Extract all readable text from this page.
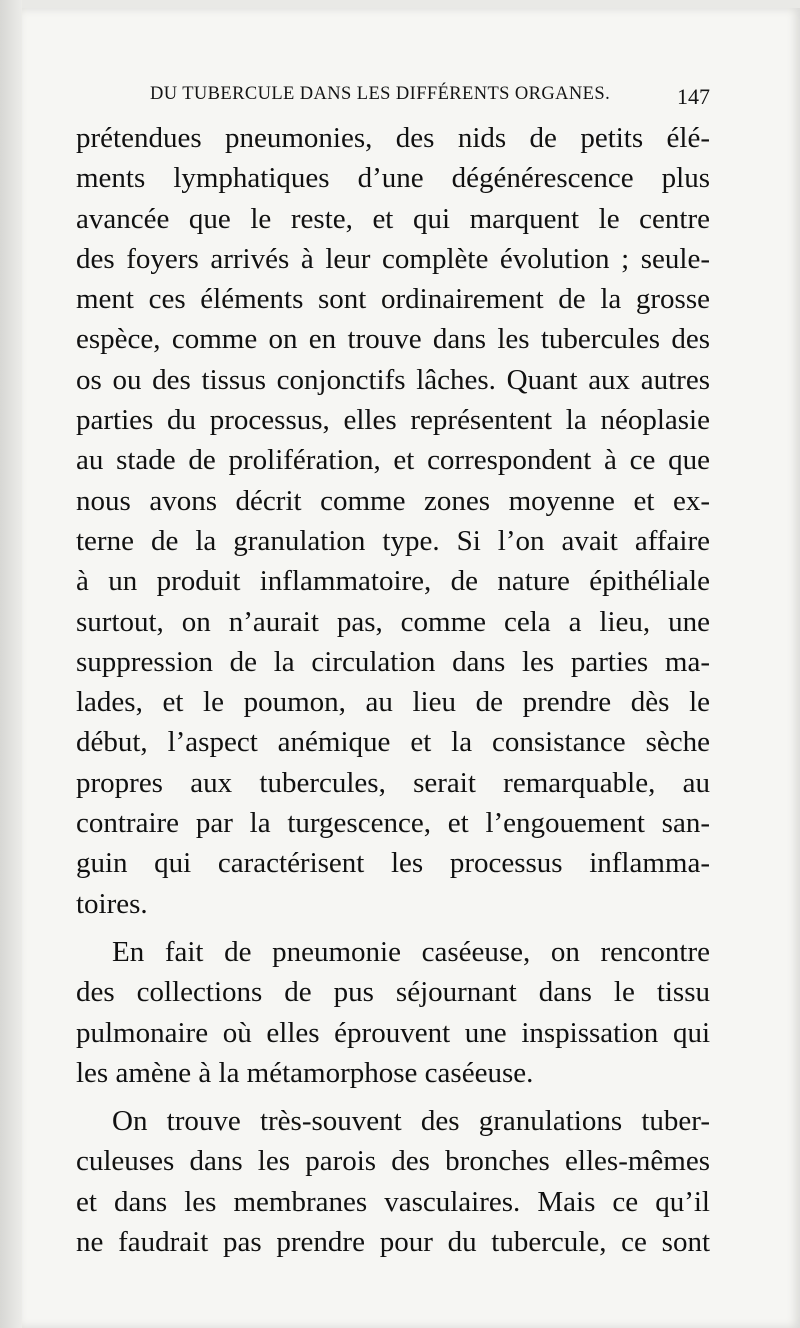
DU TUBERCULE DANS LES DIFFÉRENTS ORGANES.	147
prétendues pneumonies, des nids de petits élé-
ments lymphatiques d’une dégénérescence plus
avancée que le reste, et qui marquent le centre
des foyers arrivés à leur complète évolution ; seule-
ment ces éléments sont ordinairement de la grosse
espèce, comme on en trouve dans les tubercules des
os ou des tissus conjonctifs lâches. Quant aux autres
parties du processus, elles représentent la néoplasie
au stade de prolifération, et correspondent à ce que
nous avons décrit comme zones moyenne et ex-
terne de la granulation type. Si l’on avait affaire
à un produit inflammatoire, de nature épithéliale
surtout, on n’aurait pas, comme cela a lieu, une
suppression de la circulation dans les parties ma-
lades, et le poumon, au lieu de prendre dès le
début, l’aspect anémique et la consistance sèche
propres aux tubercules, serait remarquable, au
contraire par la turgescence, et l’engouement san-
guin qui caractérisent les processus inflamma-
toires.
En fait de pneumonie caséeuse, on rencontre
des collections de pus séjournant dans le tissu
pulmonaire où elles éprouvent une inspissation qui
les amène à la métamorphose caséeuse.
On trouve très-souvent des granulations tuber-
culeuses dans les parois des bronches elles-mêmes
et dans les membranes vasculaires. Mais ce qu’il
ne faudrait pas prendre pour du tubercule, ce sont
